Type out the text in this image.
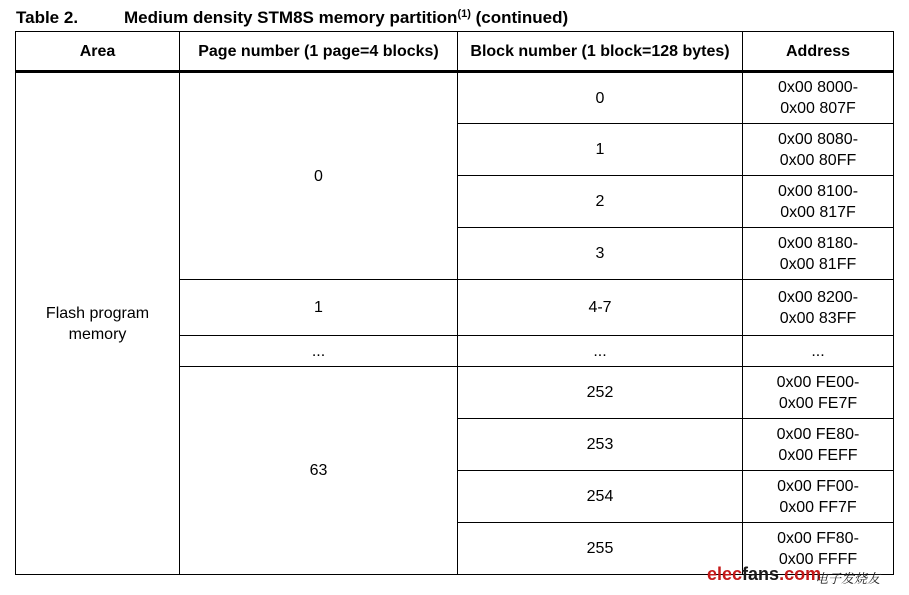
Table 2.	Medium density STM8S memory partition$^{(1)}$ (continued)
Area	Page number (1 page=4 blocks)	Block number (1 block=128 bytes)	Address
Flash program
memory	0	0	0x00 8000-
0x00 807F
		1	0x00 8080-
0x00 80FF
		2	0x00 8100-
0x00 817F
		3	0x00 8180-
0x00 81FF
	1	4-7	0x00 8200-
0x00 83FF
	...	...	...
	63	252	0x00 FE00-
0x00 FE7F
		253	0x00 FE80-
0x00 FEFF
		254	0x00 FF00-
0x00 FF7F
		255	0x00 FF80-
0x00 FFFF
elecfans.com
电子发烧友
